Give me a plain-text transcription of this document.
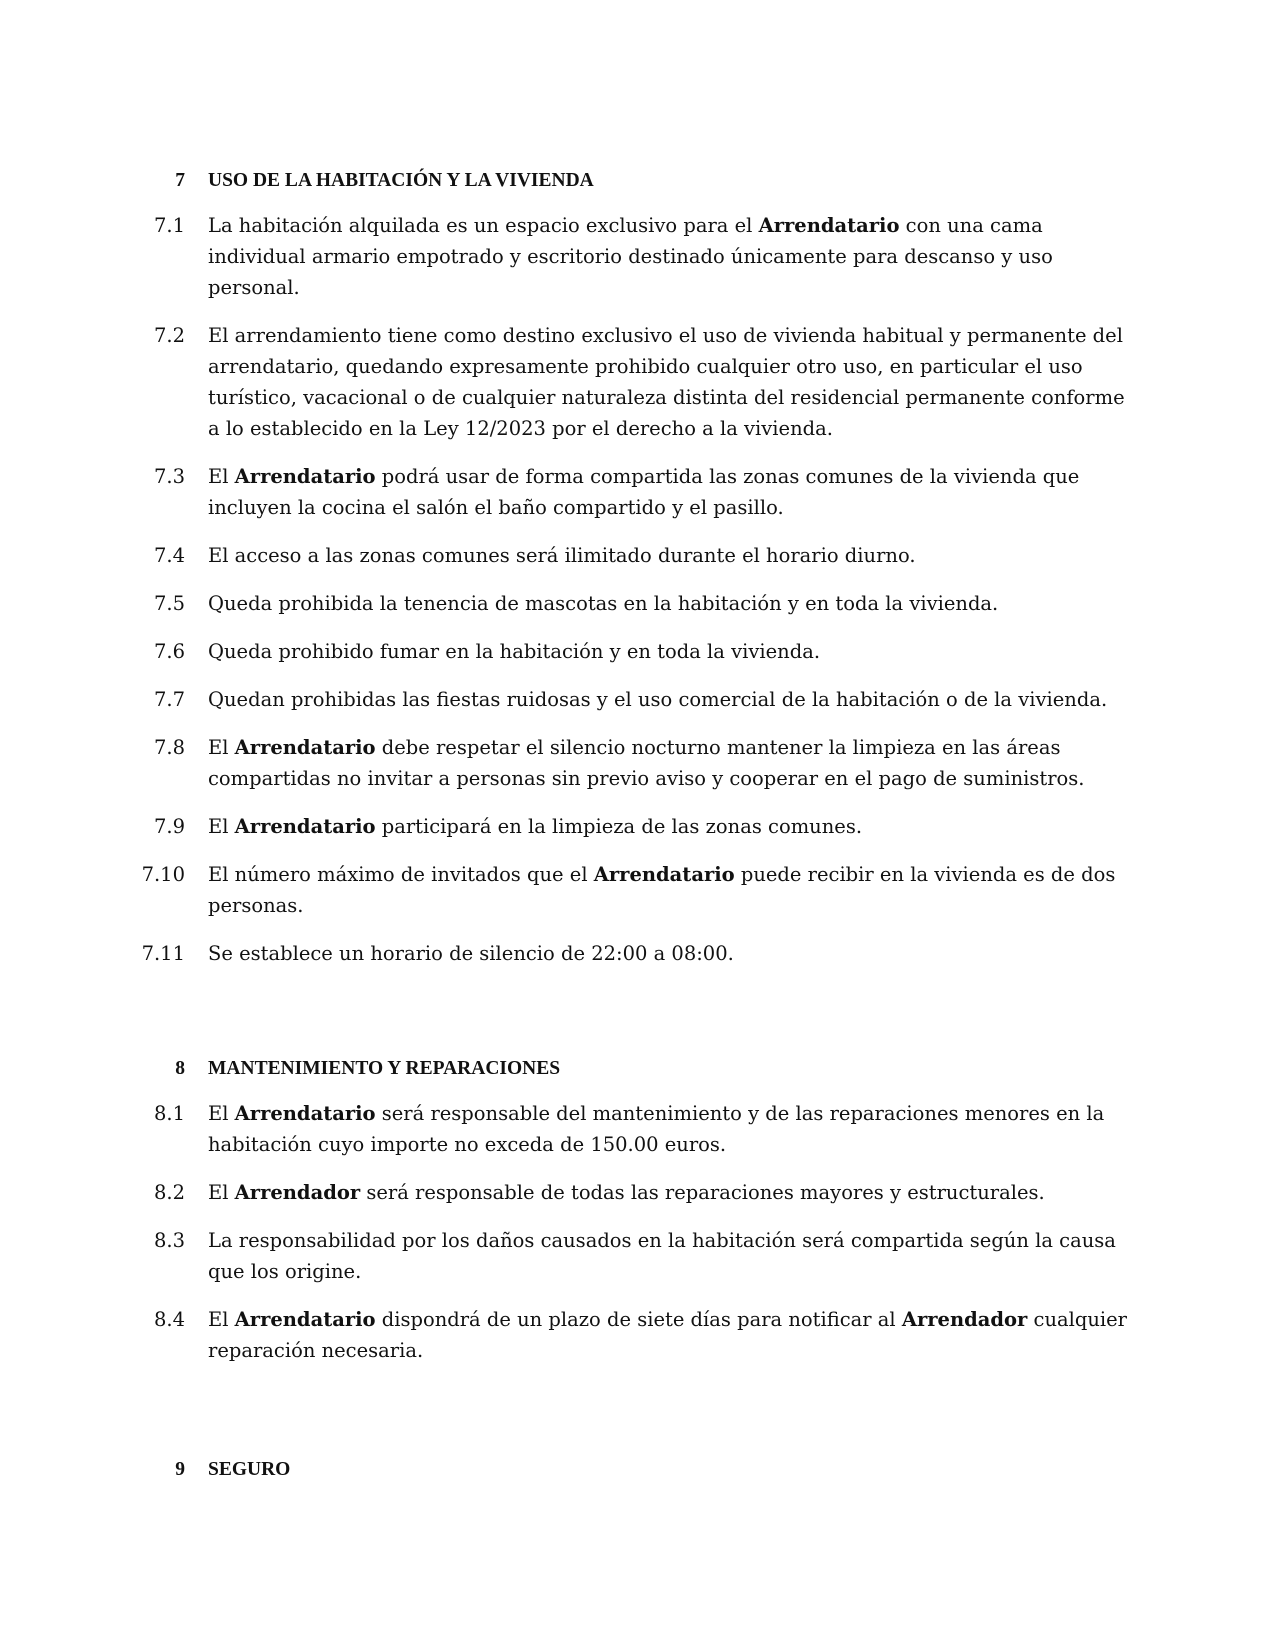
7 USO DE LA HABITACIÓN Y LA VIVIENDA
7.1 La habitación alquilada es un espacio exclusivo para el Arrendatario con una cama individual armario empotrado y escritorio destinado únicamente para descanso y uso personal.
7.2 El arrendamiento tiene como destino exclusivo el uso de vivienda habitual y permanente del arrendatario, quedando expresamente prohibido cualquier otro uso, en particular el uso turístico, vacacional o de cualquier naturaleza distinta del residencial permanente conforme a lo establecido en la Ley 12/2023 por el derecho a la vivienda.
7.3 El Arrendatario podrá usar de forma compartida las zonas comunes de la vivienda que incluyen la cocina el salón el baño compartido y el pasillo.
7.4 El acceso a las zonas comunes será ilimitado durante el horario diurno.
7.5 Queda prohibida la tenencia de mascotas en la habitación y en toda la vivienda.
7.6 Queda prohibido fumar en la habitación y en toda la vivienda.
7.7 Quedan prohibidas las fiestas ruidosas y el uso comercial de la habitación o de la vivienda.
7.8 El Arrendatario debe respetar el silencio nocturno mantener la limpieza en las áreas compartidas no invitar a personas sin previo aviso y cooperar en el pago de suministros.
7.9 El Arrendatario participará en la limpieza de las zonas comunes.
7.10 El número máximo de invitados que el Arrendatario puede recibir en la vivienda es de dos personas.
7.11 Se establece un horario de silencio de 22:00 a 08:00.
8 MANTENIMIENTO Y REPARACIONES
8.1 El Arrendatario será responsable del mantenimiento y de las reparaciones menores en la habitación cuyo importe no exceda de 150.00 euros.
8.2 El Arrendador será responsable de todas las reparaciones mayores y estructurales.
8.3 La responsabilidad por los daños causados en la habitación será compartida según la causa que los origine.
8.4 El Arrendatario dispondrá de un plazo de siete días para notificar al Arrendador cualquier reparación necesaria.
9 SEGURO
